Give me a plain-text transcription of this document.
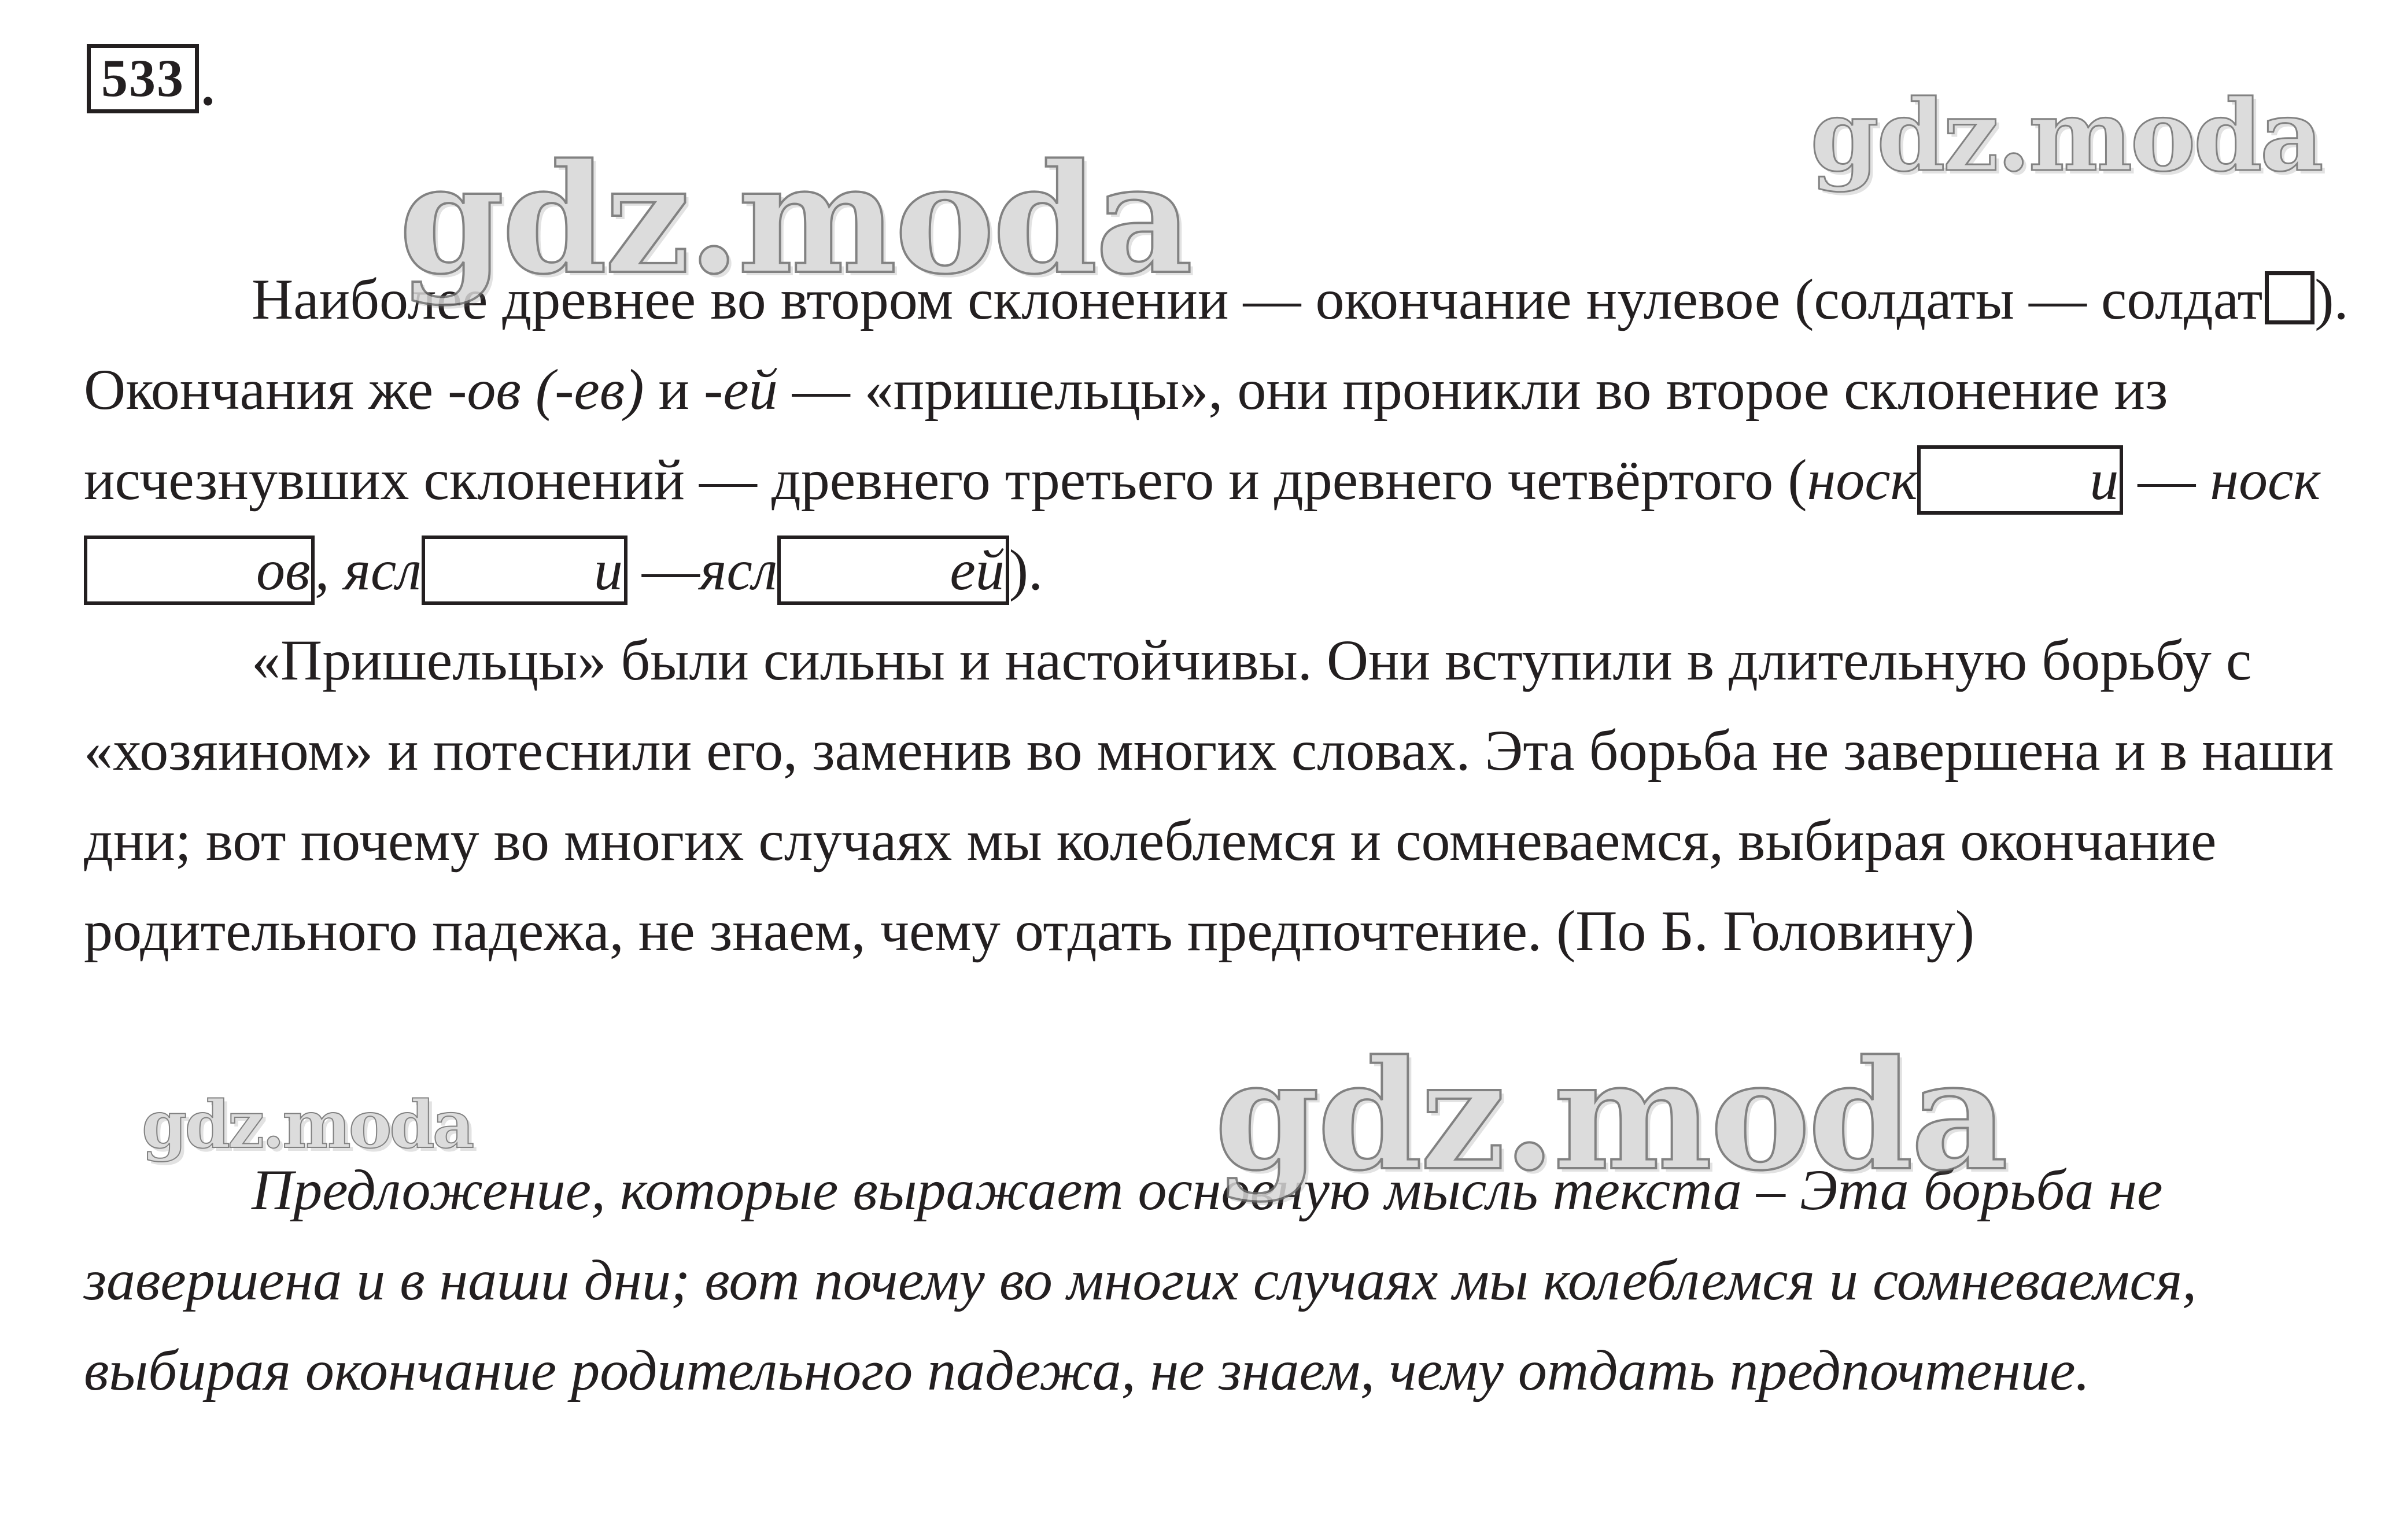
533 .

Наиболее древнее во втором склонении — окончание нулевое (солдаты — солдат ). Окончания же -ов (-ев) и -ей — «пришельцы», они проникли во второе склонение из исчезнувших склонений — древнего третьего и древнего четвёртого (носк	и — носков, ясл	и —ясл	ей).

«Пришельцы» были сильны и настойчивы. Они вступили в длительную борьбу с «хозяином» и потеснили его, заменив во многих словах. Эта борьба не завершена и в наши дни; вот почему во многих случаях мы колеблемся и сомневаемся, выбирая окончание родительного падежа, не знаем, чему отдать предпочтение. (По Б. Головину)

Предложение, которые выражает основную мысль текста – Эта борьба не завершена и в наши дни; вот почему во многих случаях мы колеблемся и сомневаемся, выбирая окончание родительного падежа, не знаем, чему отдать предпочтение.

gdz.moda	gdz.moda
gdz.moda
gdz.moda
